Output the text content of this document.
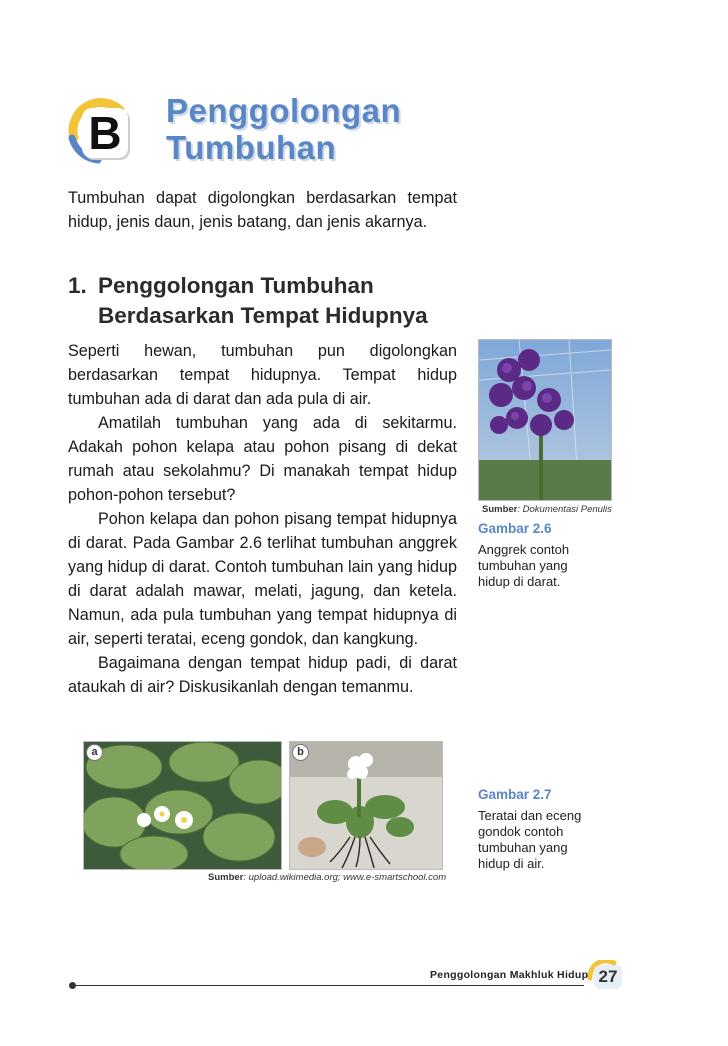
B Penggolongan
Tumbuhan
Tumbuhan dapat digolongkan berdasarkan tempat hidup, jenis daun, jenis batang, dan jenis akarnya.
1. Penggolongan Tumbuhan
Berdasarkan Tempat Hidupnya

Seperti hewan, tumbuhan pun digolongkan berdasarkan tempat hidupnya. Tempat hidup tumbuhan ada di darat dan ada pula di air.

Amatilah tumbuhan yang ada di sekitarmu. Adakah pohon kelapa atau pohon pisang di dekat rumah atau sekolahmu? Di manakah tempat hidup pohon-pohon tersebut?

Pohon kelapa dan pohon pisang tempat hidupnya di darat. Pada Gambar 2.6 terlihat tumbuhan anggrek yang hidup di darat. Contoh tumbuhan lain yang hidup di darat adalah mawar, melati, jagung, dan ketela. Namun, ada pula tumbuhan yang tempat hidupnya di air, seperti teratai, eceng gondok, dan kangkung.

Bagaimana dengan tempat hidup padi, di darat ataukah di air? Diskusikanlah dengan temanmu.

Sumber: Dokumentasi Penulis
Gambar 2.6
Anggrek contoh tumbuhan yang hidup di darat.
a	b
Sumber: upload.wikimedia.org; www.e-smartschool.com
Gambar 2.7
Teratai dan eceng gondok contoh tumbuhan yang hidup di air.
Penggolongan Makhluk Hidup 27
